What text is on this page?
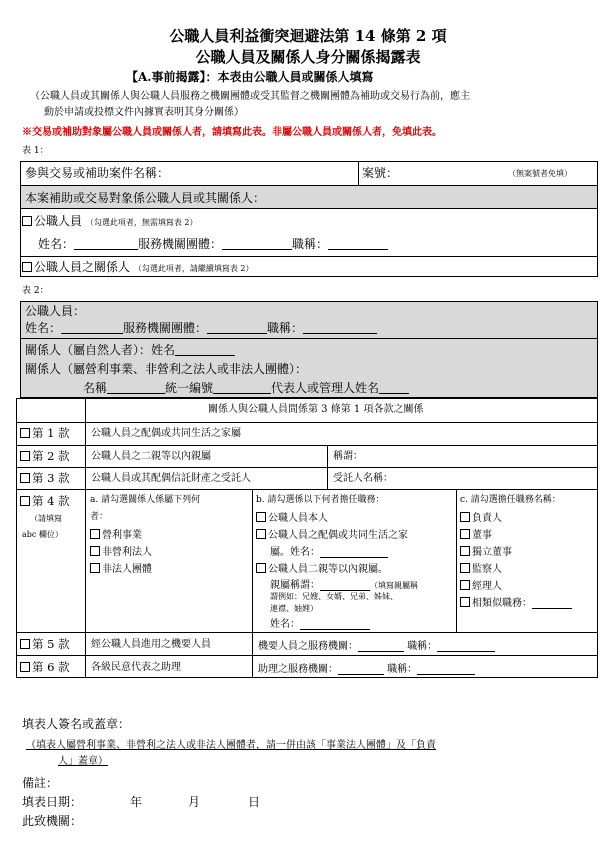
公職人員利益衝突迴避法第 14 條第 2 項
公職人員及關係人身分關係揭露表
【A.事前揭露】：本表由公職人員或關係人填寫
（公職人員或其關係人與公職人員服務之機關團體或受其監督之機關團體為補助或交易行為前，應主
動於申請或投標文件內據實表明其身分關係）
※交易或補助對象屬公職人員或關係人者，請填寫此表。非屬公職人員或關係人者，免填此表。
表 1：
參與交易或補助案件名稱：	案號：	（無案號者免填）
本案補助或交易對象係公職人員或其關係人：
公職人員 （勾選此項者，無需填寫表 2）
姓名：	服務機關團體：	職稱：
公職人員之關係人 （勾選此項者，請繼續填寫表 2）
表 2：
公職人員：
姓名：	服務機關團體：	職稱：
關係人（屬自然人者）：姓名
關係人（屬營利事業、非營利之法人或非法人團體）：
名稱	統一編號	代表人或管理人姓名
關係人與公職人員間係第 3 條第 1 項各款之關係
第 1 款 公職人員之配偶或共同生活之家屬
第 2 款 公職人員之二親等以內親屬	稱謂：
第 3 款 公職人員或其配偶信託財產之受託人	受託人名稱：
第 4 款
（請填寫
abc 欄位）
a. 請勾選關係人係屬下列何
者：
營利事業
非營利法人
非法人團體
b. 請勾選係以下何者擔任職務：
公職人員本人
公職人員之配偶或共同生活之家
屬。姓名：
公職人員二親等以內親屬。
親屬稱謂：	（填寫親屬稱
謂例如：兄嫂、女婿、兄弟、姊妹、
連襟、妯娌）
姓名：
c. 請勾選擔任職務名稱：
負責人
董事
獨立董事
監察人
經理人
相類似職務：
第 5 款 經公職人員進用之機要人員	機要人員之服務機關：	職稱：
第 6 款 各級民意代表之助理	助理之服務機關：	職稱：
填表人簽名或蓋章：
（填表人屬營利事業、非營利之法人或非法人團體者，請一併由該「事業法人團體」及「負責
人」蓋章）
備註：
填表日期：	年	月	日
此致機關：
